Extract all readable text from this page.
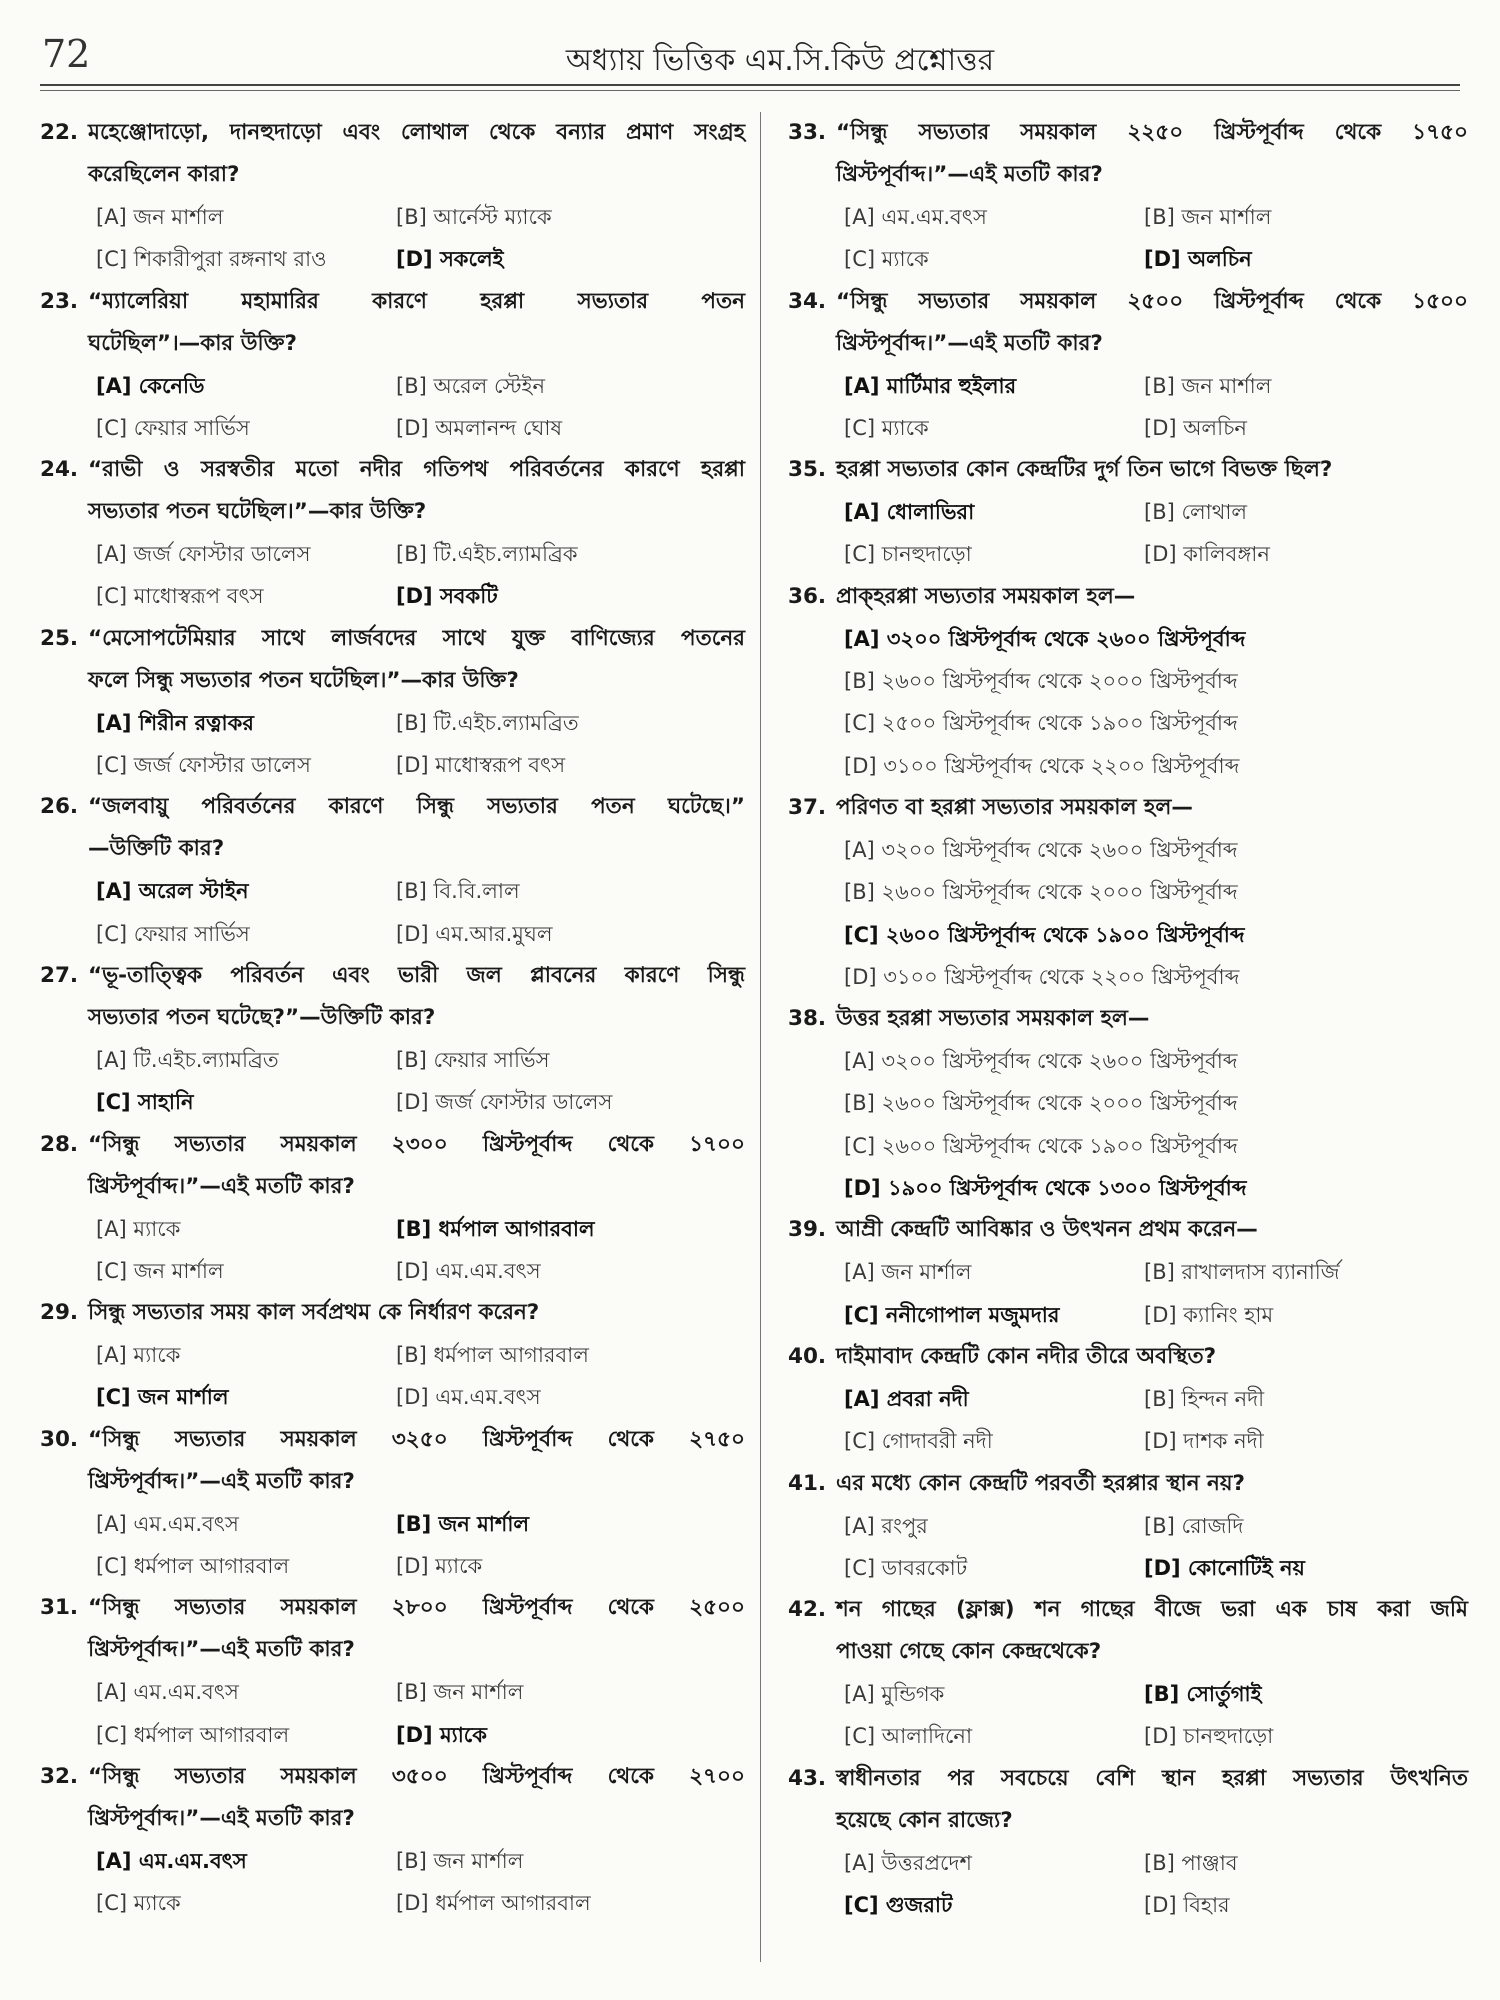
72	অধ্যায় ভিত্তিক এম.সি.কিউ প্রশ্নোত্তর
22. মহেঞ্জোদাড়ো, দানহুদাড়ো এবং লোথাল থেকে বন্যার প্রমাণ সংগ্রহ
করেছিলেন কারা?
[A] জন মার্শাল	[B] আর্নেস্ট ম্যাকে
[C] শিকারীপুরা রঙ্গনাথ রাও	[D] সকলেই
23. “ম্যালেরিয়া মহামারির কারণে হরপ্পা সভ্যতার পতন
ঘটেছিল”।—কার উক্তি?
[A] কেনেডি	[B] অরেল স্টেইন
[C] ফেয়ার সার্ভিস	[D] অমলানন্দ ঘোষ
24. “রাভী ও সরস্বতীর মতো নদীর গতিপথ পরিবর্তনের কারণে হরপ্পা
সভ্যতার পতন ঘটেছিল।”—কার উক্তি?
[A] জর্জ ফোস্টার ডালেস	[B] টি.এইচ.ল্যামব্রিক
[C] মাধোস্বরূপ বৎস	[D] সবকটি
25. “মেসোপটেমিয়ার সাথে লার্জবদের সাথে যুক্ত বাণিজ্যের পতনের
ফলে সিন্ধু সভ্যতার পতন ঘটেছিল।”—কার উক্তি?
[A] শিরীন রত্নাকর	[B] টি.এইচ.ল্যামব্রিত
[C] জর্জ ফোস্টার ডালেস	[D] মাধোস্বরূপ বৎস
26. “জলবায়ু পরিবর্তনের কারণে সিন্ধু সভ্যতার পতন ঘটেছে।”
—উক্তিটি কার?
[A] অরেল স্টাইন	[B] বি.বি.লাল
[C] ফেয়ার সার্ভিস	[D] এম.আর.মুঘল
27. “ভূ-তাত্ত্বিক পরিবর্তন এবং ভারী জল প্লাবনের কারণে সিন্ধু
সভ্যতার পতন ঘটেছে?”—উক্তিটি কার?
[A] টি.এইচ.ল্যামব্রিত	[B] ফেয়ার সার্ভিস
[C] সাহানি	[D] জর্জ ফোস্টার ডালেস
28. “সিন্ধু সভ্যতার সময়কাল ২৩০০ খ্রিস্টপূর্বাব্দ থেকে ১৭০০
খ্রিস্টপূর্বাব্দ।”—এই মতটি কার?
[A] ম্যাকে	[B] ধর্মপাল আগারবাল
[C] জন মার্শাল	[D] এম.এম.বৎস
29. সিন্ধু সভ্যতার সময় কাল সর্বপ্রথম কে নির্ধারণ করেন?
[A] ম্যাকে	[B] ধর্মপাল আগারবাল
[C] জন মার্শাল	[D] এম.এম.বৎস
30. “সিন্ধু সভ্যতার সময়কাল ৩২৫০ খ্রিস্টপূর্বাব্দ থেকে ২৭৫০
খ্রিস্টপূর্বাব্দ।”—এই মতটি কার?
[A] এম.এম.বৎস	[B] জন মার্শাল
[C] ধর্মপাল আগারবাল	[D] ম্যাকে
31. “সিন্ধু সভ্যতার সময়কাল ২৮০০ খ্রিস্টপূর্বাব্দ থেকে ২৫০০
খ্রিস্টপূর্বাব্দ।”—এই মতটি কার?
[A] এম.এম.বৎস	[B] জন মার্শাল
[C] ধর্মপাল আগারবাল	[D] ম্যাকে
32. “সিন্ধু সভ্যতার সময়কাল ৩৫০০ খ্রিস্টপূর্বাব্দ থেকে ২৭০০
খ্রিস্টপূর্বাব্দ।”—এই মতটি কার?
[A] এম.এম.বৎস	[B] জন মার্শাল
[C] ম্যাকে	[D] ধর্মপাল আগারবাল
33. “সিন্ধু সভ্যতার সময়কাল ২২৫০ খ্রিস্টপূর্বাব্দ থেকে ১৭৫০
খ্রিস্টপূর্বাব্দ।”—এই মতটি কার?
[A] এম.এম.বৎস	[B] জন মার্শাল
[C] ম্যাকে	[D] অলচিন
34. “সিন্ধু সভ্যতার সময়কাল ২৫০০ খ্রিস্টপূর্বাব্দ থেকে ১৫০০
খ্রিস্টপূর্বাব্দ।”—এই মতটি কার?
[A] মার্টিমার হুইলার	[B] জন মার্শাল
[C] ম্যাকে	[D] অলচিন
35. হরপ্পা সভ্যতার কোন কেন্দ্রটির দুর্গ তিন ভাগে বিভক্ত ছিল?
[A] ধোলাভিরা	[B] লোথাল
[C] চানহুদাড়ো	[D] কালিবঙ্গান
36. প্রাক্‌হরপ্পা সভ্যতার সময়কাল হল—
[A] ৩২০০ খ্রিস্টপূর্বাব্দ থেকে ২৬০০ খ্রিস্টপূর্বাব্দ
[B] ২৬০০ খ্রিস্টপূর্বাব্দ থেকে ২০০০ খ্রিস্টপূর্বাব্দ
[C] ২৫০০ খ্রিস্টপূর্বাব্দ থেকে ১৯০০ খ্রিস্টপূর্বাব্দ
[D] ৩১০০ খ্রিস্টপূর্বাব্দ থেকে ২২০০ খ্রিস্টপূর্বাব্দ
37. পরিণত বা হরপ্পা সভ্যতার সময়কাল হল—
[A] ৩২০০ খ্রিস্টপূর্বাব্দ থেকে ২৬০০ খ্রিস্টপূর্বাব্দ
[B] ২৬০০ খ্রিস্টপূর্বাব্দ থেকে ২০০০ খ্রিস্টপূর্বাব্দ
[C] ২৬০০ খ্রিস্টপূর্বাব্দ থেকে ১৯০০ খ্রিস্টপূর্বাব্দ
[D] ৩১০০ খ্রিস্টপূর্বাব্দ থেকে ২২০০ খ্রিস্টপূর্বাব্দ
38. উত্তর হরপ্পা সভ্যতার সময়কাল হল—
[A] ৩২০০ খ্রিস্টপূর্বাব্দ থেকে ২৬০০ খ্রিস্টপূর্বাব্দ
[B] ২৬০০ খ্রিস্টপূর্বাব্দ থেকে ২০০০ খ্রিস্টপূর্বাব্দ
[C] ২৬০০ খ্রিস্টপূর্বাব্দ থেকে ১৯০০ খ্রিস্টপূর্বাব্দ
[D] ১৯০০ খ্রিস্টপূর্বাব্দ থেকে ১৩০০ খ্রিস্টপূর্বাব্দ
39. আম্রী কেন্দ্রটি আবিষ্কার ও উৎখনন প্রথম করেন—
[A] জন মার্শাল	[B] রাখালদাস ব্যানার্জি
[C] ননীগোপাল মজুমদার	[D] ক্যানিং হাম
40. দাইমাবাদ কেন্দ্রটি কোন নদীর তীরে অবস্থিত?
[A] প্রবরা নদী	[B] হিন্দন নদী
[C] গোদাবরী নদী	[D] দাশক নদী
41. এর মধ্যে কোন কেন্দ্রটি পরবর্তী হরপ্পার স্থান নয়?
[A] রংপুর	[B] রোজদি
[C] ডাবরকোট	[D] কোনোটিই নয়
42. শন গাছের (ফ্লাক্স) শন গাছের বীজে ভরা এক চাষ করা জমি
পাওয়া গেছে কোন কেন্দ্রথেকে?
[A] মুন্ডিগক	[B] সোর্তুগাই
[C] আলাদিনো	[D] চানহুদাড়ো
43. স্বাধীনতার পর সবচেয়ে বেশি স্থান হরপ্পা সভ্যতার উৎখনিত
হয়েছে কোন রাজ্যে?
[A] উত্তরপ্রদেশ	[B] পাঞ্জাব
[C] গুজরাট	[D] বিহার
